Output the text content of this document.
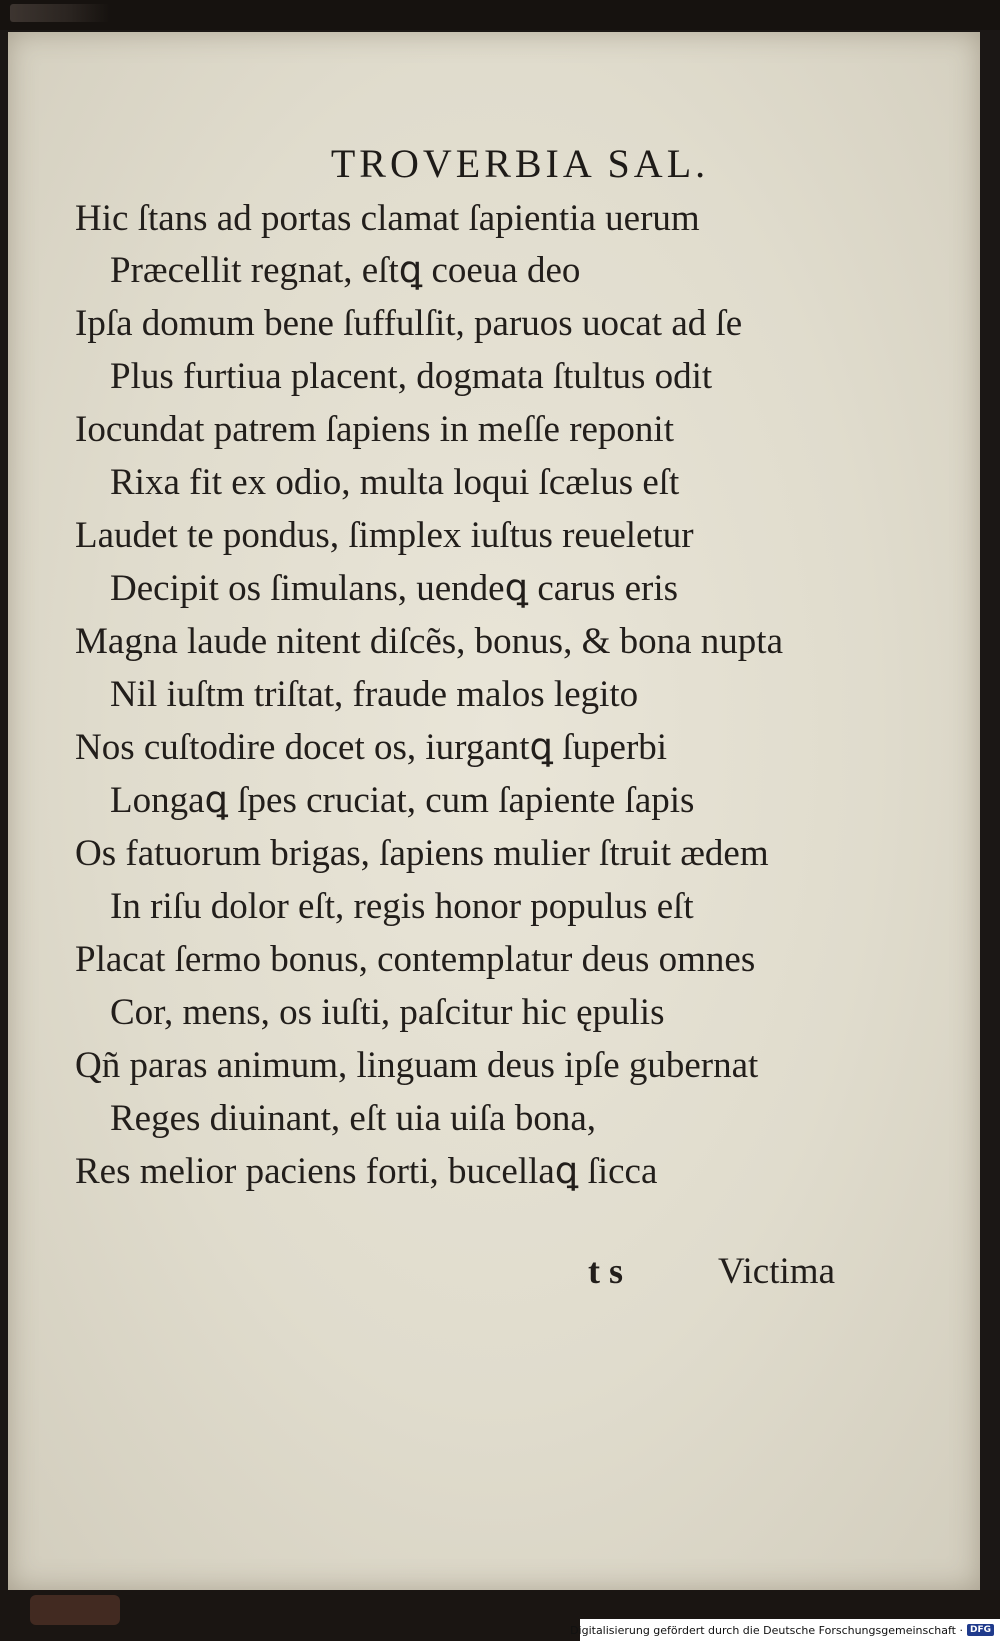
TROVERBIA SAL.

Hic ſtans ad portas clamat ſapientia uerum

Præcellit regnat, eſtꝗ coeua deo

Ipſa domum bene ſuffulſit, paruos uocat ad ſe

Plus furtiua placent, dogmata ſtultus odit

Iocundat patrem ſapiens in meſſe reponit

Rixa fit ex odio, multa loqui ſcælus eſt

Laudet te pondus, ſimplex iuſtus reueletur

Decipit os ſimulans, uendeꝗ carus eris

Magna laude nitent diſcẽs, bonus, & bona nupta

Nil iuſtm triſtat, fraude malos legito

Nos cuſtodire docet os, iurgantꝗ ſuperbi

Longaꝗ ſpes cruciat, cum ſapiente ſapis

Os fatuorum brigas, ſapiens mulier ſtruit ædem

In riſu dolor eſt, regis honor populus eſt

Placat ſermo bonus, contemplatur deus omnes

Cor, mens, os iuſti, paſcitur hic ępulis

Qñ paras animum, linguam deus ipſe gubernat

Reges diuinant, eſt uia uiſa bona,

Res melior paciens forti, bucellaꝗ ſicca

t s	Victima
Digitalisierung gefördert durch die Deutsche Forschungsgemeinschaft · DFG
